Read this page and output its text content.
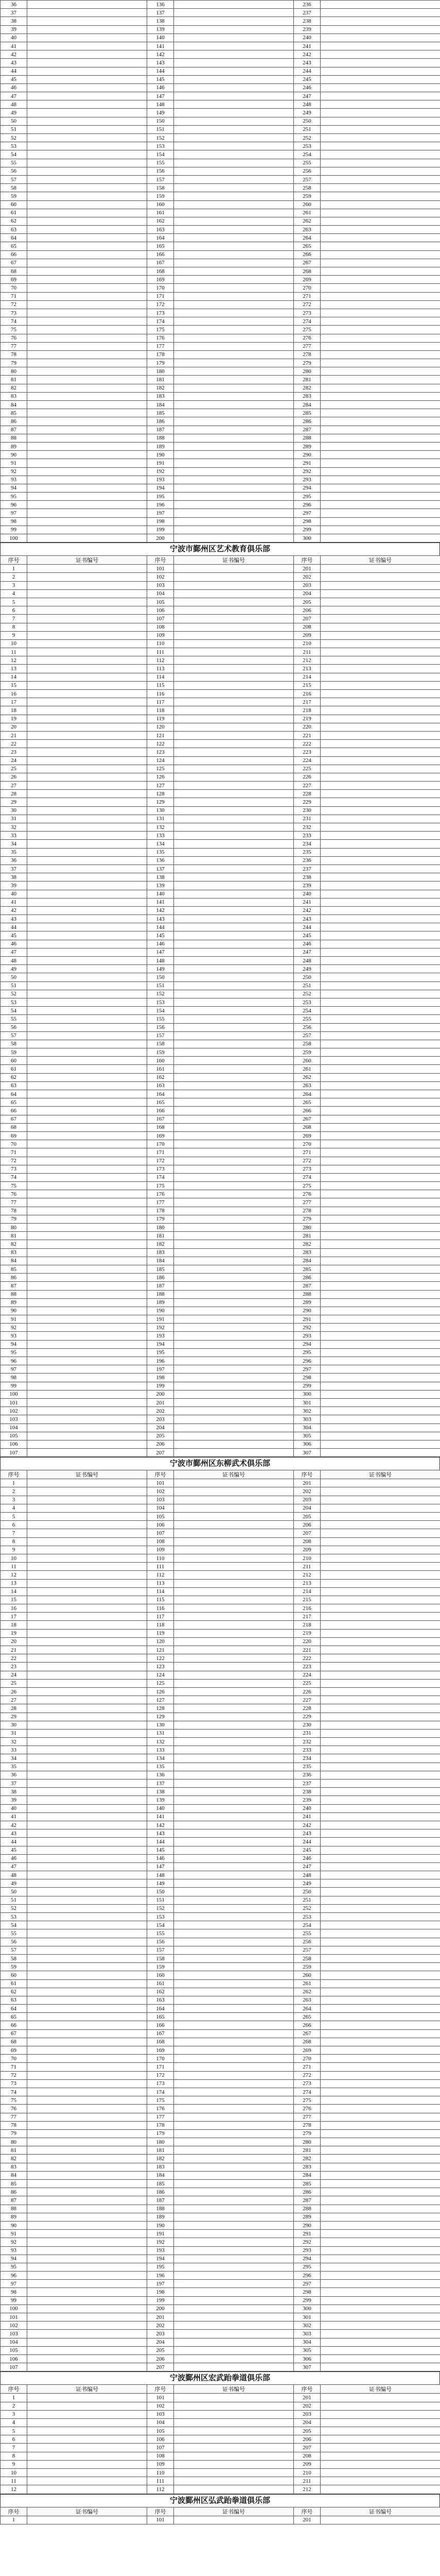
36		136		236	
37		137		237	
38		138		238	
39		139		239	
40		140		240	
41		141		241	
42		142		242	
43		143		243	
44		144		244	
45		145		245	
46		146		246	
47		147		247	
48		148		248	
49		149		249	
50		150		250	
51		151		251	
52		152		252	
53		153		253	
54		154		254	
55		155		255	
56		156		256	
57		157		257	
58		158		258	
59		159		259	
60		160		260	
61		161		261	
62		162		262	
63		163		263	
64		164		264	
65		165		265	
66		166		266	
67		167		267	
68		168		268	
69		169		269	
70		170		270	
71		171		271	
72		172		272	
73		173		273	
74		174		274	
75		175		275	
76		176		276	
77		177		277	
78		178		278	
79		179		279	
80		180		280	
81		181		281	
82		182		282	
83		183		283	
84		184		284	
85		185		285	
86		186		286	
87		187		287	
88		188		288	
89		189		289	
90		190		290	
91		191		291	
92		192		292	
93		193		293	
94		194		294	
95		195		295	
96		196		296	
97		197		297	
98		198		298	
99		199		299	
100		200		300	
宁波市鄞州区艺术教育俱乐部
序号	证书编号	序号	证书编号	序号	证书编号
1		101		201	
2		102		202	
3		103		203	
4		104		204	
5		105		205	
6		106		206	
7		107		207	
8		108		208	
9		109		209	
10		110		210	
11		111		211	
12		112		212	
13		113		213	
14		114		214	
15		115		215	
16		116		216	
17		117		217	
18		118		218	
19		119		219	
20		120		220	
21		121		221	
22		122		222	
23		123		223	
24		124		224	
25		125		225	
26		126		226	
27		127		227	
28		128		228	
29		129		229	
30		130		230	
31		131		231	
32		132		232	
33		133		233	
34		134		234	
35		135		235	
36		136		236	
37		137		237	
38		138		238	
39		139		239	
40		140		240	
41		141		241	
42		142		242	
43		143		243	
44		144		244	
45		145		245	
46		146		246	
47		147		247	
48		148		248	
49		149		249	
50		150		250	
51		151		251	
52		152		252	
53		153		253	
54		154		254	
55		155		255	
56		156		256	
57		157		257	
58		158		258	
59		159		259	
60		160		260	
61		161		261	
62		162		262	
63		163		263	
64		164		264	
65		165		265	
66		166		266	
67		167		267	
68		168		268	
69		169		269	
70		170		270	
71		171		271	
72		172		272	
73		173		273	
74		174		274	
75		175		275	
76		176		276	
77		177		277	
78		178		278	
79		179		279	
80		180		280	
81		181		281	
82		182		282	
83		183		283	
84		184		284	
85		185		285	
86		186		286	
87		187		287	
88		188		288	
89		189		289	
90		190		290	
91		191		291	
92		192		292	
93		193		293	
94		194		294	
95		195		295	
96		196		296	
97		197		297	
98		198		298	
99		199		299	
100		200		300	
101		201		301	
102		202		302	
103		203		303	
104		204		304	
105		205		305	
106		206		306	
107		207		307	
宁波市鄞州区东柳武术俱乐部
序号	证书编号	序号	证书编号	序号	证书编号
1		101		201	
2		102		202	
3		103		203	
4		104		204	
5		105		205	
6		106		206	
7		107		207	
8		108		208	
9		109		209	
10		110		210	
11		111		211	
12		112		212	
13		113		213	
14		114		214	
15		115		215	
16		116		216	
17		117		217	
18		118		218	
19		119		219	
20		120		220	
21		121		221	
22		122		222	
23		123		223	
24		124		224	
25		125		225	
26		126		226	
27		127		227	
28		128		228	
29		129		229	
30		130		230	
31		131		231	
32		132		232	
33		133		233	
34		134		234	
35		135		235	
36		136		236	
37		137		237	
38		138		238	
39		139		239	
40		140		240	
41		141		241	
42		142		242	
43		143		243	
44		144		244	
45		145		245	
46		146		246	
47		147		247	
48		148		248	
49		149		249	
50		150		250	
51		151		251	
52		152		252	
53		153		253	
54		154		254	
55		155		255	
56		156		256	
57		157		257	
58		158		258	
59		159		259	
60		160		260	
61		161		261	
62		162		262	
63		163		263	
64		164		264	
65		165		265	
66		166		266	
67		167		267	
68		168		268	
69		169		269	
70		170		270	
71		171		271	
72		172		272	
73		173		273	
74		174		274	
75		175		275	
76		176		276	
77		177		277	
78		178		278	
79		179		279	
80		180		280	
81		181		281	
82		182		282	
83		183		283	
84		184		284	
85		185		285	
86		186		286	
87		187		287	
88		188		288	
89		189		289	
90		190		290	
91		191		291	
92		192		292	
93		193		293	
94		194		294	
95		195		295	
96		196		296	
97		197		297	
98		198		298	
99		199		299	
100		200		300	
101		201		301	
102		202		302	
103		203		303	
104		204		304	
105		205		305	
106		206		306	
107		207		307	
宁波鄞州区宏武跆拳道俱乐部
序号	证书编号	序号	证书编号	序号	证书编号
1		101		201	
2		102		202	
3		103		203	
4		104		204	
5		105		205	
6		106		206	
7		107		207	
8		108		208	
9		109		209	
10		110		210	
11		111		211	
12		112		212	
宁波鄞州区弘武跆拳道俱乐部
序号	证书编号	序号	证书编号	序号	证书编号
1		101		201	
